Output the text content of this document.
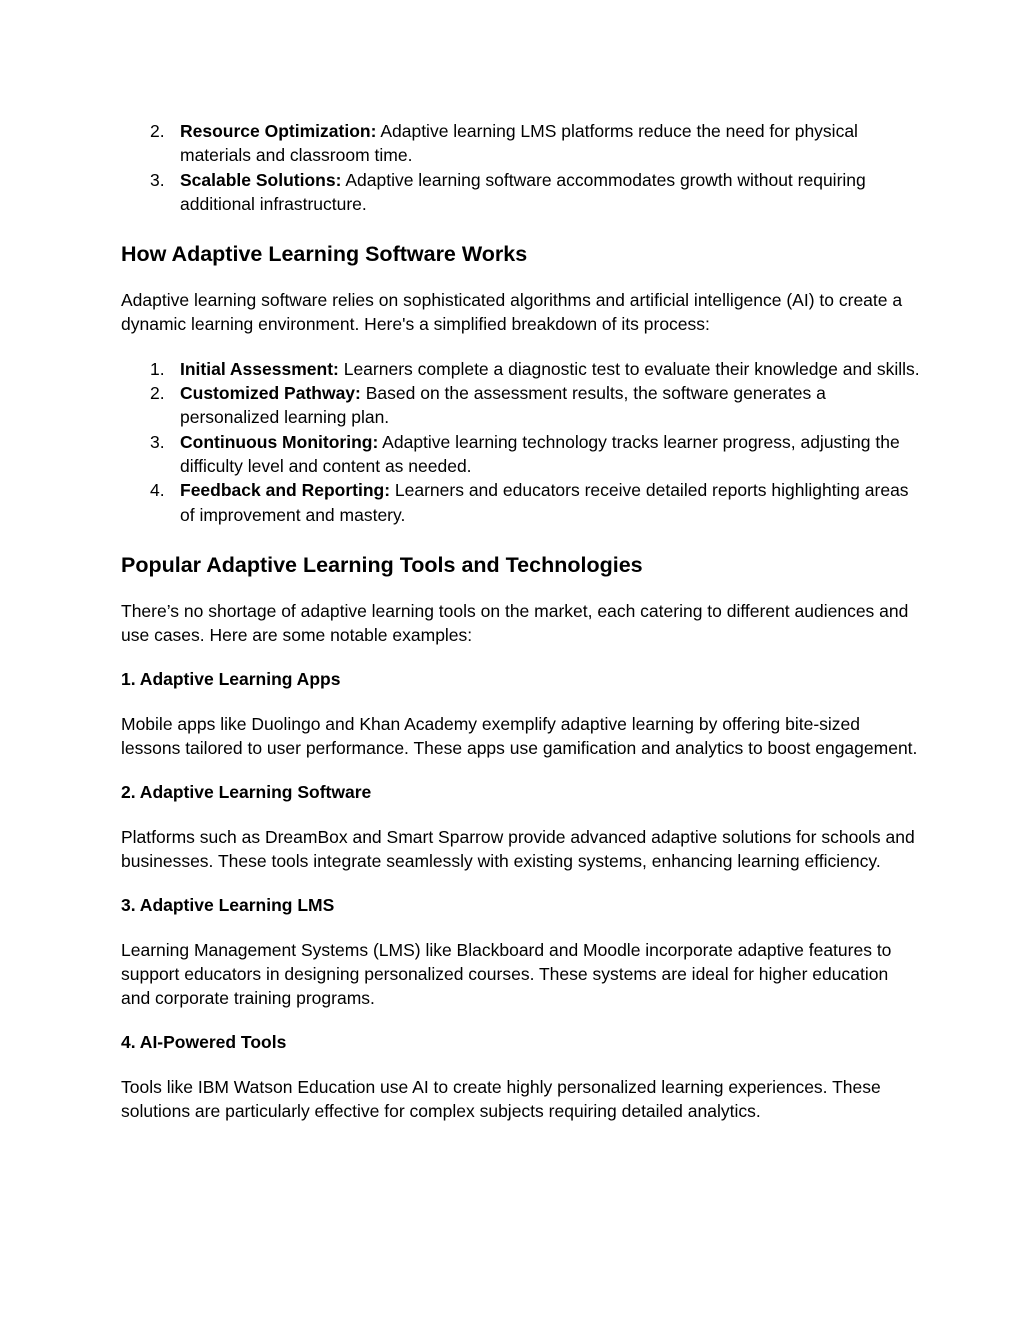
2. Resource Optimization: Adaptive learning LMS platforms reduce the need for physical materials and classroom time.
3. Scalable Solutions: Adaptive learning software accommodates growth without requiring additional infrastructure.
How Adaptive Learning Software Works

Adaptive learning software relies on sophisticated algorithms and artificial intelligence (AI) to create a dynamic learning environment. Here's a simplified breakdown of its process:

1. Initial Assessment: Learners complete a diagnostic test to evaluate their knowledge and skills.
2. Customized Pathway: Based on the assessment results, the software generates a personalized learning plan.
3. Continuous Monitoring: Adaptive learning technology tracks learner progress, adjusting the difficulty level and content as needed.
4. Feedback and Reporting: Learners and educators receive detailed reports highlighting areas of improvement and mastery.
Popular Adaptive Learning Tools and Technologies

There’s no shortage of adaptive learning tools on the market, each catering to different audiences and use cases. Here are some notable examples:

1. Adaptive Learning Apps

Mobile apps like Duolingo and Khan Academy exemplify adaptive learning by offering bite-sized lessons tailored to user performance. These apps use gamification and analytics to boost engagement.

2. Adaptive Learning Software

Platforms such as DreamBox and Smart Sparrow provide advanced adaptive solutions for schools and businesses. These tools integrate seamlessly with existing systems, enhancing learning efficiency.

3. Adaptive Learning LMS

Learning Management Systems (LMS) like Blackboard and Moodle incorporate adaptive features to support educators in designing personalized courses. These systems are ideal for higher education and corporate training programs.

4. AI-Powered Tools

Tools like IBM Watson Education use AI to create highly personalized learning experiences. These solutions are particularly effective for complex subjects requiring detailed analytics.
